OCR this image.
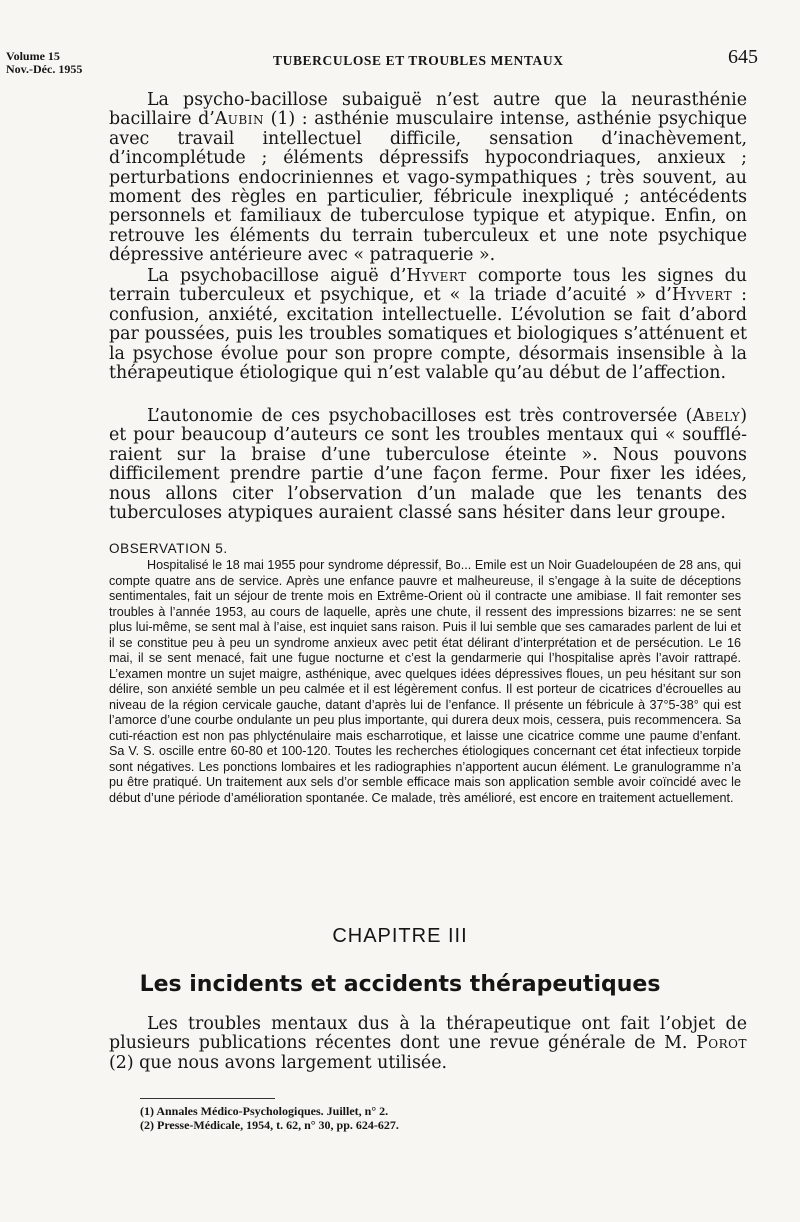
Volume 15
Nov.-Déc. 1955
TUBERCULOSE ET TROUBLES MENTAUX	645

La psycho-bacillose subaiguë n’est autre que la neurasthénie bacillaire d’Aubin (1) : asthénie musculaire intense, asthénie psychique avec travail intellectuel difficile, sensation d’inachèvement, d’incomplétude ; éléments dépressifs hypocondriaques, anxieux ; perturbations endocriniennes et vago-sympathiques ; très souvent, au moment des règles en particulier, fébricule inexpliqué ; antécédents personnels et familiaux de tuberculose typique et atypique. Enfin, on retrouve les éléments du terrain tuberculeux et une note psychique dépressive antérieure avec « patraquerie ».

La psychobacillose aiguë d’Hyvert comporte tous les signes du terrain tuberculeux et psychique, et « la triade d’acuité » d’Hyvert : confusion, anxiété, excitation intellectuelle. L’évolution se fait d’abord par poussées, puis les troubles somatiques et biologiques s’atténuent et la psychose évolue pour son propre compte, désormais insensible à la thérapeutique étiologique qui n’est valable qu’au début de l’affection.

L’autonomie de ces psychobacilloses est très controversée (Abely) et pour beaucoup d’auteurs ce sont les troubles mentaux qui « soufflé-raient sur la braise d’une tuberculose éteinte ». Nous pouvons difficilement prendre partie d’une façon ferme. Pour fixer les idées, nous allons citer l’observation d’un malade que les tenants des tuberculoses atypiques auraient classé sans hésiter dans leur groupe.

OBSERVATION 5.

Hospitalisé le 18 mai 1955 pour syndrome dépressif, Bo... Emile est un Noir Guadeloupéen de 28 ans, qui compte quatre ans de service. Après une enfance pauvre et malheureuse, il s’engage à la suite de déceptions sentimentales, fait un séjour de trente mois en Extrême-Orient où il contracte une amibiase. Il fait remonter ses troubles à l’année 1953, au cours de laquelle, après une chute, il ressent des impressions bizarres: ne se sent plus lui-même, se sent mal à l’aise, est inquiet sans raison. Puis il lui semble que ses camarades parlent de lui et il se constitue peu à peu un syndrome anxieux avec petit état délirant d’interprétation et de persécution. Le 16 mai, il se sent menacé, fait une fugue nocturne et c’est la gendarmerie qui l’hospitalise après l’avoir rattrapé. L’examen montre un sujet maigre, asthénique, avec quelques idées dépressives floues, un peu hésitant sur son délire, son anxiété semble un peu calmée et il est légèrement confus. Il est porteur de cicatrices d’écrouelles au niveau de la région cervicale gauche, datant d’après lui de l’enfance. Il présente un fébricule à 37°5-38° qui est l’amorce d’une courbe ondulante un peu plus importante, qui durera deux mois, cessera, puis recommencera. Sa cuti-réaction est non pas phlycténulaire mais escharrotique, et laisse une cicatrice comme une paume d’enfant. Sa V. S. oscille entre 60-80 et 100-120. Toutes les recherches étiologiques concernant cet état infectieux torpide sont négatives. Les ponctions lombaires et les radiographies n’apportent aucun élément. Le granulogramme n’a pu être pratiqué. Un traitement aux sels d’or semble efficace mais son application semble avoir coïncidé avec le début d’une période d’amélioration spontanée. Ce malade, très amélioré, est encore en traitement actuellement.

CHAPITRE III
Les incidents et accidents thérapeutiques

Les troubles mentaux dus à la thérapeutique ont fait l’objet de plusieurs publications récentes dont une revue générale de M. Porot (2) que nous avons largement utilisée.

(1) Annales Médico-Psychologiques. Juillet, n° 2.
(2) Presse-Médicale, 1954, t. 62, n° 30, pp. 624-627.
